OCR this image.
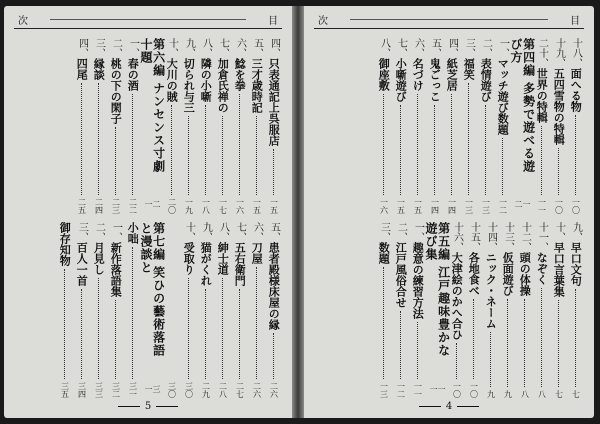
次	目
四、
只表通記上呉服店
一五
五、
三才歳時記
一五
六、
鯰を拳
一六
七、
加倉氏禅の
一七
八、
隣の小噺
一八
九、
切られ与三
一九
十、
大川の賊
二〇
第六編 ナンセンス寸劇十題
二一
一、
春の酒
二二
二、
桃の下の閑子
二三
三、
縁談
二四
四、
四尾
二五
五、
患者殿様床屋の縁
二六
六、
刀屋
二六
七、
五右衛門
二七
八、
紳士道
二八
九、
猫がくれ
二九
十、
受取り
三〇
三〇
第七編 笑ひの藝術落語と漫談と
三一
小咄
三一
一、
新作落語集
三二
二、
月見し
三三
三、
百人一首
三四
御存知物
三五
5
次	目
十八、
面へる物
一〇
十九、
五四雪物の特輯
一〇
二十、
世界の特輯
一一
第四編 多勢で遊べる遊び方
一二
一、
マッチ遊び数題
一二
二、
表情遊び
一三
三、
福笑
一三
四、
紙芝居
一四
五、
鬼ごっこ
一四
六、
名づけ
一五
七、
小噺遊び
一五
八、
御座敷
一六
九、
早口文句
七
十、
早口言葉集
七
十一、
なぞく
八
十二、
頭の体操
八
十三、
仮面遊び
九
十四、
ニック・ネーム
九
十五、
各地食べ
一〇
十六、
大津絵のかへ合ひ
一〇
第五編 江戸趣味豊かな遊び集
一一
一、
趣意の練習方法
一一
二、
江戸風俗合せ
一二
三、
数題
一三
4
